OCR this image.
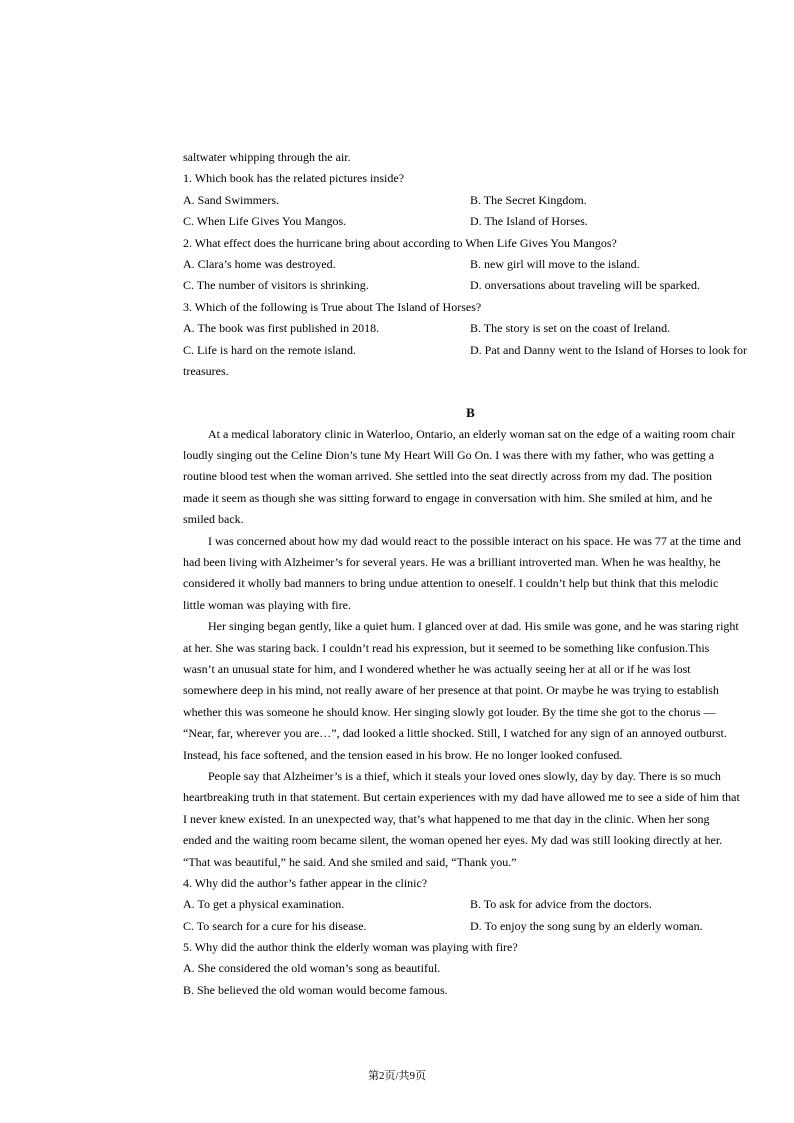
saltwater whipping through the air.
1. Which book has the related pictures inside?
A. Sand Swimmers.	B. The Secret Kingdom.
C. When Life Gives You Mangos.	D. The Island of Horses.
2. What effect does the hurricane bring about according to When Life Gives You Mangos?
A. Clara’s home was destroyed.	B. new girl will move to the island.
C. The number of visitors is shrinking.	D. onversations about traveling will be sparked.
3. Which of the following is True about The Island of Horses?
A. The book was first published in 2018.	B. The story is set on the coast of Ireland.
C. Life is hard on the remote island.	D. Pat and Danny went to the Island of Horses to look for
treasures.
B
At a medical laboratory clinic in Waterloo, Ontario, an elderly woman sat on the edge of a waiting room chair
loudly singing out the Celine Dion’s tune My Heart Will Go On. I was there with my father, who was getting a
routine blood test when the woman arrived. She settled into the seat directly across from my dad. The position
made it seem as though she was sitting forward to engage in conversation with him. She smiled at him, and he
smiled back.
I was concerned about how my dad would react to the possible interact on his space. He was 77 at the time and
had been living with Alzheimer’s for several years. He was a brilliant introverted man. When he was healthy, he
considered it wholly bad manners to bring undue attention to oneself. I couldn’t help but think that this melodic
little woman was playing with fire.
Her singing began gently, like a quiet hum. I glanced over at dad. His smile was gone, and he was staring right
at her. She was staring back. I couldn’t read his expression, but it seemed to be something like confusion.This
wasn’t an unusual state for him, and I wondered whether he was actually seeing her at all or if he was lost
somewhere deep in his mind, not really aware of her presence at that point. Or maybe he was trying to establish
whether this was someone he should know. Her singing slowly got louder. By the time she got to the chorus —
“Near, far, wherever you are…”, dad looked a little shocked. Still, I watched for any sign of an annoyed outburst.
Instead, his face softened, and the tension eased in his brow. He no longer looked confused.
People say that Alzheimer’s is a thief, which it steals your loved ones slowly, day by day. There is so much
heartbreaking truth in that statement. But certain experiences with my dad have allowed me to see a side of him that
I never knew existed. In an unexpected way, that’s what happened to me that day in the clinic. When her song
ended and the waiting room became silent, the woman opened her eyes. My dad was still looking directly at her.
“That was beautiful,” he said. And she smiled and said, “Thank you.”
4. Why did the author’s father appear in the clinic?
A. To get a physical examination.	B. To ask for advice from the doctors.
C. To search for a cure for his disease.	D. To enjoy the song sung by an elderly woman.
5. Why did the author think the elderly woman was playing with fire?
A. She considered the old woman’s song as beautiful.
B. She believed the old woman would become famous.
第2页/共9页
